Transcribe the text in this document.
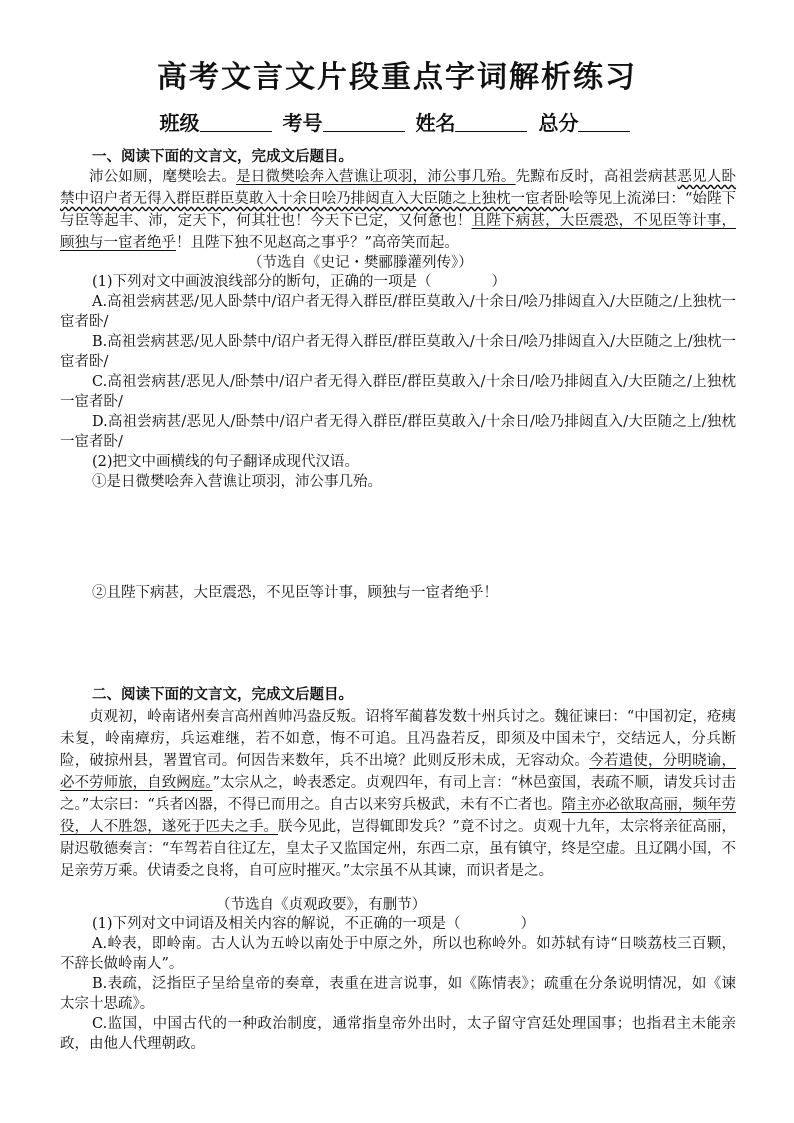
高考文言文片段重点字词解析练习
班级	考号	姓名	总分
一、阅读下面的文言文，完成文后题目。

沛公如厕，麾樊哙去。是日微樊哙奔入营谯让项羽，沛公事几殆。先黥布反时，高祖尝病甚恶见人卧禁中诏户者无得入群臣群臣莫敢入十余日哙乃排闼直入大臣随之上独枕一宦者卧哙等见上流涕曰：“始陛下与臣等起丰、沛，定天下，何其壮也！今天下已定，又何惫也！且陛下病甚，大臣震恐，不见臣等计事，顾独与一宦者绝乎！且陛下独不见赵高之事乎？”高帝笑而起。

（节选自《史记・樊郦滕灌列传》）
(1)下列对文中画波浪线部分的断句，正确的一项是（	）

A.高祖尝病甚恶/见人卧禁中/诏户者无得入群臣/群臣莫敢入/十余日/哙乃排闼直入/大臣随之/上独枕一宦者卧/

B.高祖尝病甚恶/见人卧禁中/诏户者无得入群臣/群臣莫敢入/十余日/哙乃排闼直入/大臣随之上/独枕一宦者卧/

C.高祖尝病甚/恶见人/卧禁中/诏户者无得入群臣/群臣莫敢入/十余日/哙乃排闼直入/大臣随之/上独枕一宦者卧/

D.高祖尝病甚/恶见人/卧禁中/诏户者无得入群臣/群臣莫敢入/十余日/哙乃排闼直入/大臣随之上/独枕一宦者卧/

(2)把文中画横线的句子翻译成现代汉语。
①是日微樊哙奔入营谯让项羽，沛公事几殆。
②且陛下病甚，大臣震恐，不见臣等计事，顾独与一宦者绝乎！
二、阅读下面的文言文，完成文后题目。

贞观初，岭南诸州奏言高州酋帅冯盎反叛。诏将军蔺暮发数十州兵讨之。魏征谏曰：“中国初定，疮痍未复，岭南瘴疠，兵运难继，若不如意，悔不可追。且冯盎若反，即须及中国未宁，交结远人，分兵断险，破掠州县，署置官司。何因告来数年，兵不出境？此则反形未成，无容动众。今若遣使，分明晓谕，必不劳师旅，自致阙庭。”太宗从之，岭表悉定。贞观四年，有司上言：“林邑蛮国，表疏不顺，请发兵讨击之。”太宗曰：“兵者凶器，不得已而用之。自古以来穷兵极武，未有不亡者也。隋主亦必欲取高丽，频年劳役，人不胜怨，遂死于匹夫之手。朕今见此，岂得辄即发兵？”竟不讨之。贞观十九年，太宗将亲征高丽，尉迟敬德奏言：“车驾若自往辽左，皇太子又监国定州，东西二京，虽有镇守，终是空虚。且辽隅小国，不足亲劳万乘。伏请委之良将，自可应时摧灭。”太宗虽不从其谏，而识者是之。

（节选自《贞观政要》，有删节）
(1)下列对文中词语及相关内容的解说，不正确的一项是（	）

A.岭表，即岭南。古人认为五岭以南处于中原之外，所以也称岭外。如苏轼有诗“日啖荔枝三百颗，不辞长做岭南人”。

B.表疏，泛指臣子呈给皇帝的奏章，表重在进言说事，如《陈情表》；疏重在分条说明情况，如《谏太宗十思疏》。

C.监国，中国古代的一种政治制度，通常指皇帝外出时，太子留守宫廷处理国事；也指君主未能亲政，由他人代理朝政。
